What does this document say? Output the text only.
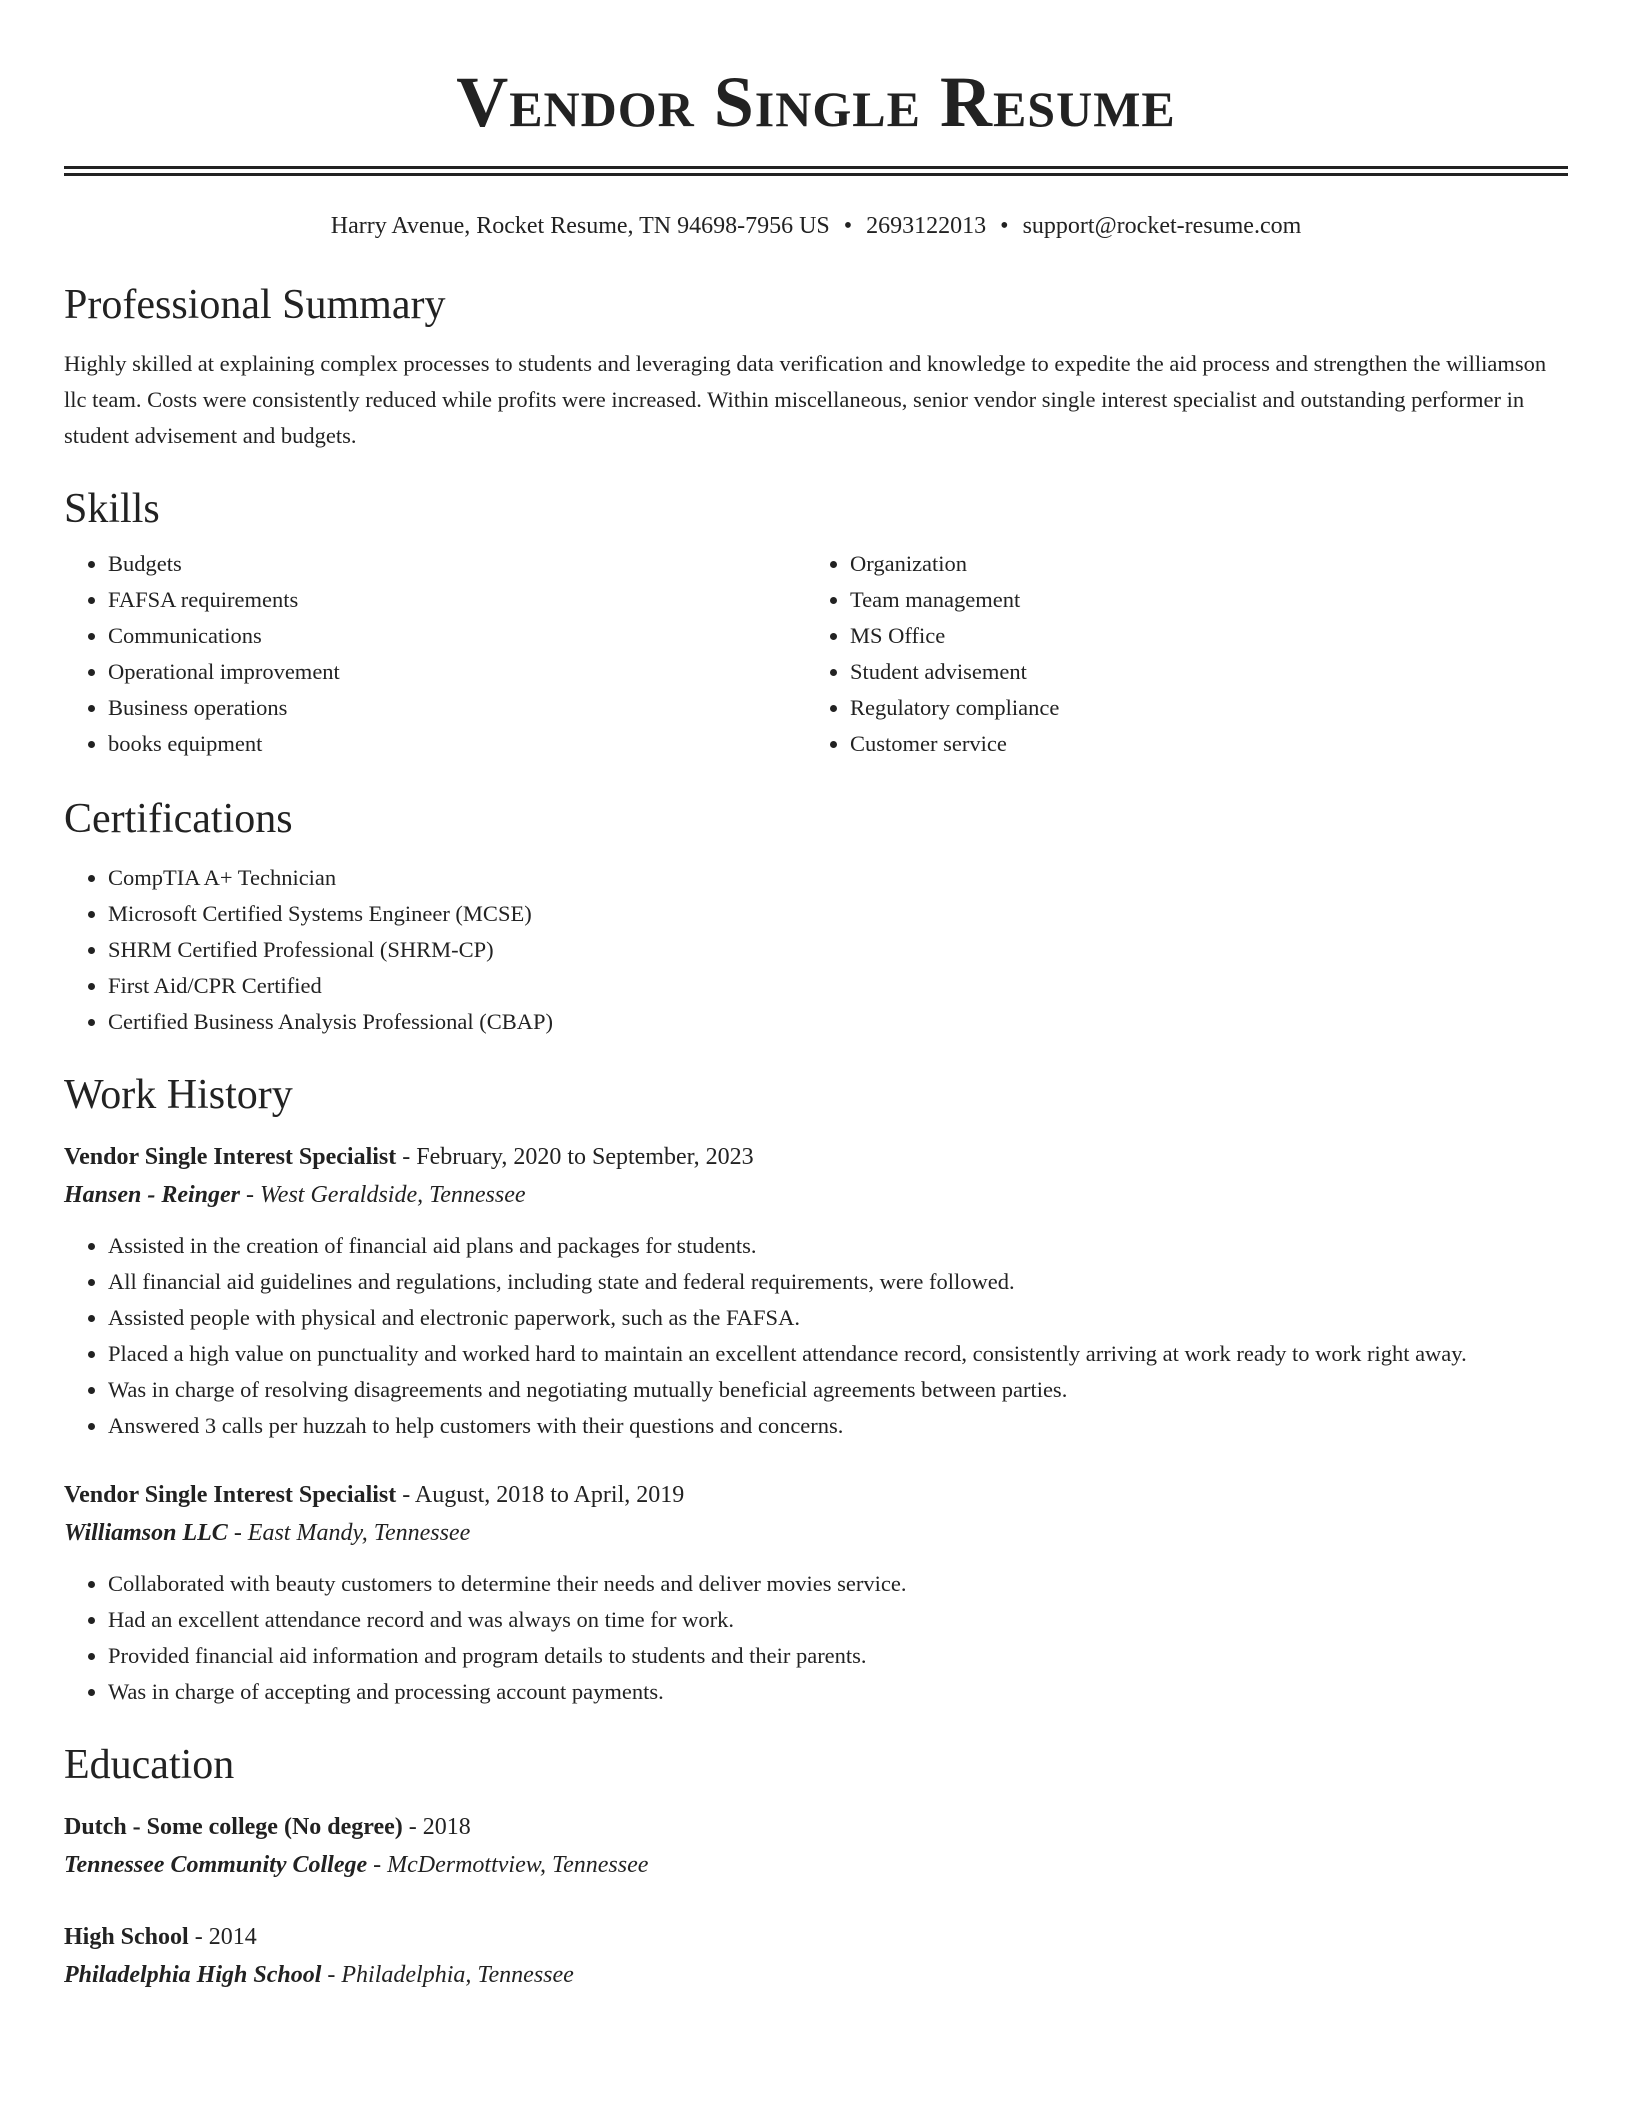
Vendor Single Resume
Harry Avenue, Rocket Resume, TN 94698-7956 US • 2693122013 • support@rocket-resume.com
Professional Summary

Highly skilled at explaining complex processes to students and leveraging data verification and knowledge to expedite the aid process and strengthen the williamson llc team. Costs were consistently reduced while profits were increased. Within miscellaneous, senior vendor single interest specialist and outstanding performer in student advisement and budgets.

Skills
• Budgets
• FAFSA requirements
• Communications
• Operational improvement
• Business operations
• books equipment
• Organization
• Team management
• MS Office
• Student advisement
• Regulatory compliance
• Customer service
Certifications
• CompTIA A+ Technician
• Microsoft Certified Systems Engineer (MCSE)
• SHRM Certified Professional (SHRM-CP)
• First Aid/CPR Certified
• Certified Business Analysis Professional (CBAP)
Work History
Vendor Single Interest Specialist - February, 2020 to September, 2023
Hansen - Reinger - West Geraldside, Tennessee
• Assisted in the creation of financial aid plans and packages for students.
• All financial aid guidelines and regulations, including state and federal requirements, were followed.
• Assisted people with physical and electronic paperwork, such as the FAFSA.
• Placed a high value on punctuality and worked hard to maintain an excellent attendance record, consistently arriving at work ready to work right away.
• Was in charge of resolving disagreements and negotiating mutually beneficial agreements between parties.
• Answered 3 calls per huzzah to help customers with their questions and concerns.
Vendor Single Interest Specialist - August, 2018 to April, 2019
Williamson LLC - East Mandy, Tennessee
• Collaborated with beauty customers to determine their needs and deliver movies service.
• Had an excellent attendance record and was always on time for work.
• Provided financial aid information and program details to students and their parents.
• Was in charge of accepting and processing account payments.
Education
Dutch - Some college (No degree) - 2018
Tennessee Community College - McDermottview, Tennessee
High School - 2014
Philadelphia High School - Philadelphia, Tennessee
